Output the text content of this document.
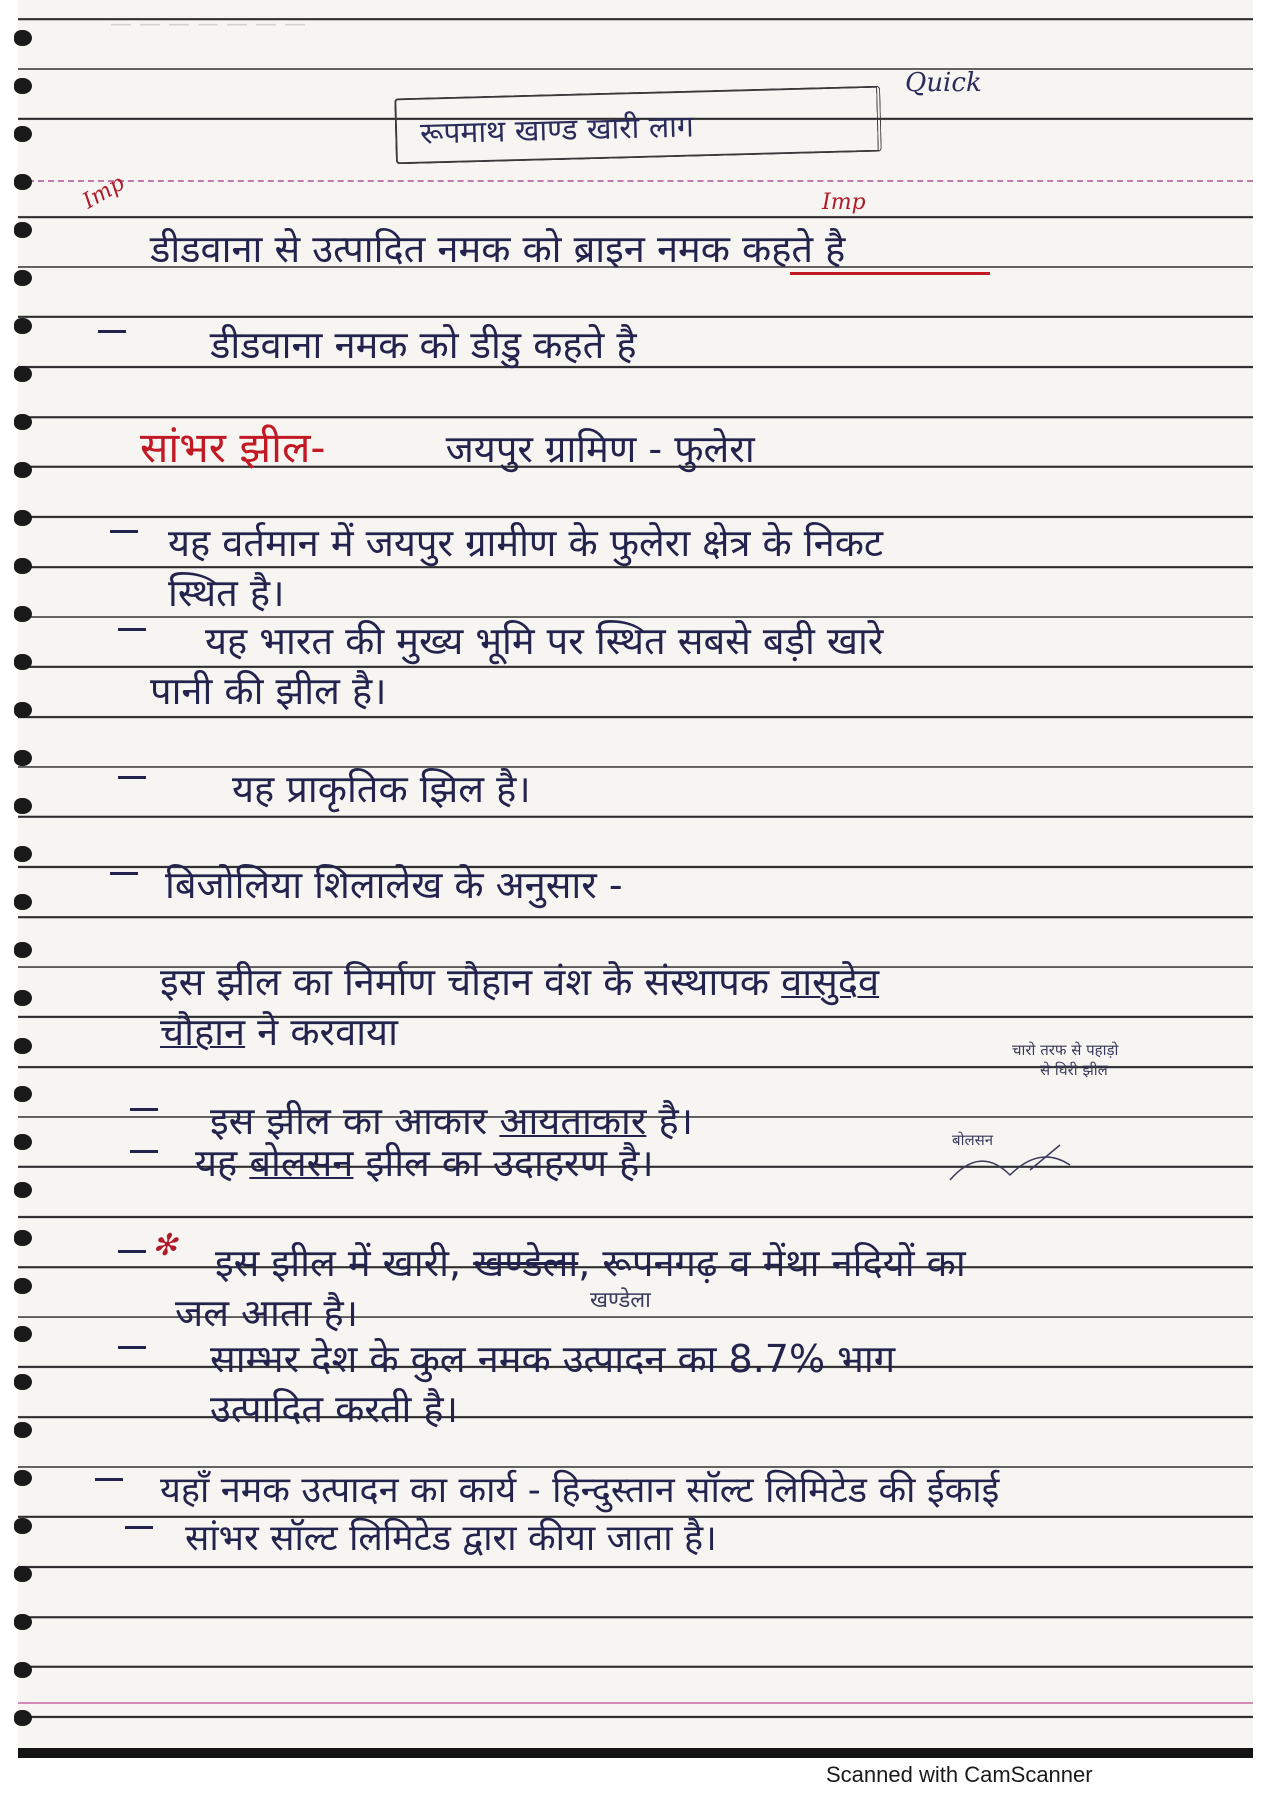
— — — — — — —
रूपमाथ खाण्ड खारी लाग
Quick
Imp	Imp
डीडवाना से उत्पादित नमक को ब्राइन नमक कहते है
डीडवाना नमक को डीडु कहते है
सांभर झील-	जयपुर ग्रामिण - फुलेरा
यह वर्तमान में जयपुर ग्रामीण के फुलेरा क्षेत्र के निकट
स्थित है।
यह भारत की मुख्य भूमि पर स्थित सबसे बड़ी खारे
पानी की झील है।
यह प्राकृतिक झिल है।
बिजोलिया शिलालेख के अनुसार -
इस झील का निर्माण चौहान वंश के संस्थापक वासुदेव
चौहान ने करवाया	चारो तरफ से पहाड़ो
से घिरी झील
इस झील का आकार आयताकार है।
यह बोलसन झील का उदाहरण है।
बोलसन
✻ इस झील में खारी, खण्डेला, रूपनगढ़ व मेंथा नदियों का
जल आता है।	खण्डेला
साम्भर देश के कुल नमक उत्पादन का 8.7% भाग
उत्पादित करती है।
यहाँ नमक उत्पादन का कार्य - हिन्दुस्तान सॉल्ट लिमिटेड की ईकाई
सांभर सॉल्ट लिमिटेड द्वारा कीया जाता है।
Scanned with CamScanner
